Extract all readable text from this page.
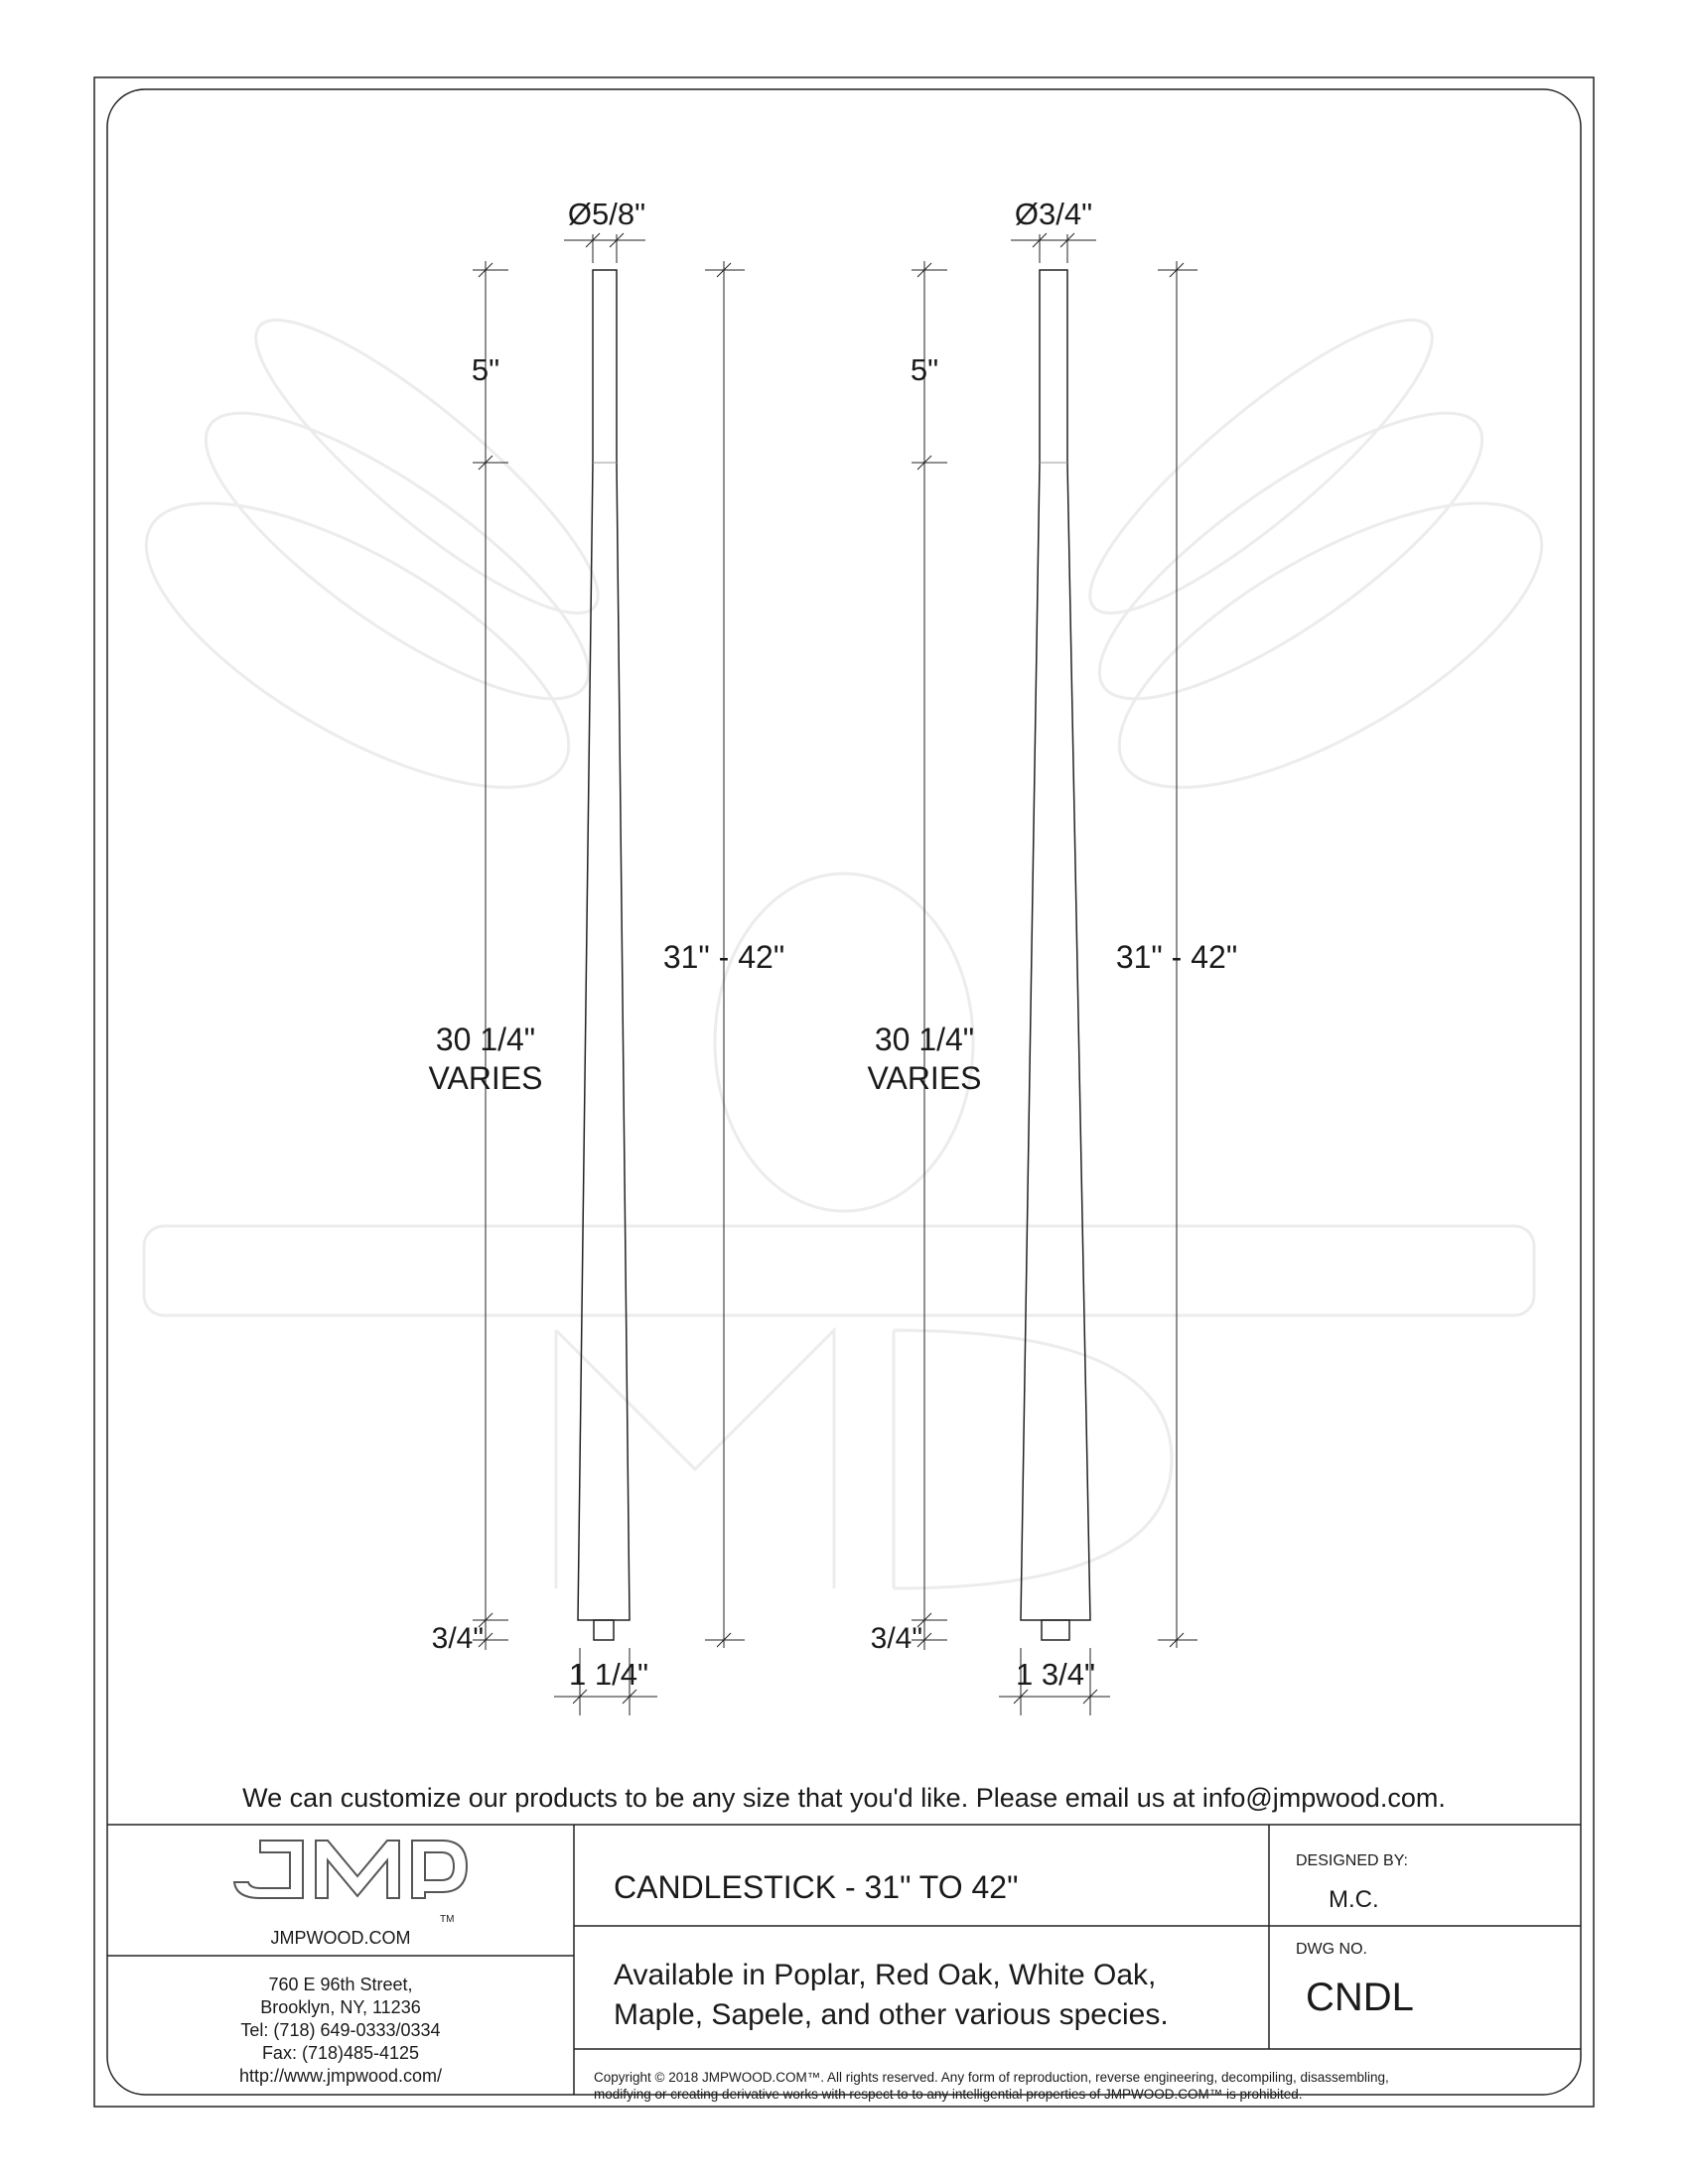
Ø5/8"
5"
30 1/4"
VARIES
31" - 42"
3/4"
1 1/4"
Ø3/4"
5"
30 1/4"
VARIES
31" - 42"
3/4"
1 3/4"
JMP
We can customize our products to be any size that you'd like. Please email us at info@jmpwood.com.
JMPWOOD.COM
TM
760 E 96th Street,
Brooklyn, NY, 11236
Tel: (718) 649-0333/0334
Fax: (718)485-4125
http://www.jmpwood.com/
CANDLESTICK - 31" TO 42"
Available in Poplar, Red Oak, White Oak,
Maple, Sapele, and other various species.
DESIGNED BY:
M.C.
DWG NO.
CNDL
Copyright © 2018 JMPWOOD.COM™. All rights reserved. Any form of reproduction, reverse engineering, decompiling, disassembling,
modifying or creating derivative works with respect to to any intelligential properties of JMPWOOD.COM™ is prohibited.
